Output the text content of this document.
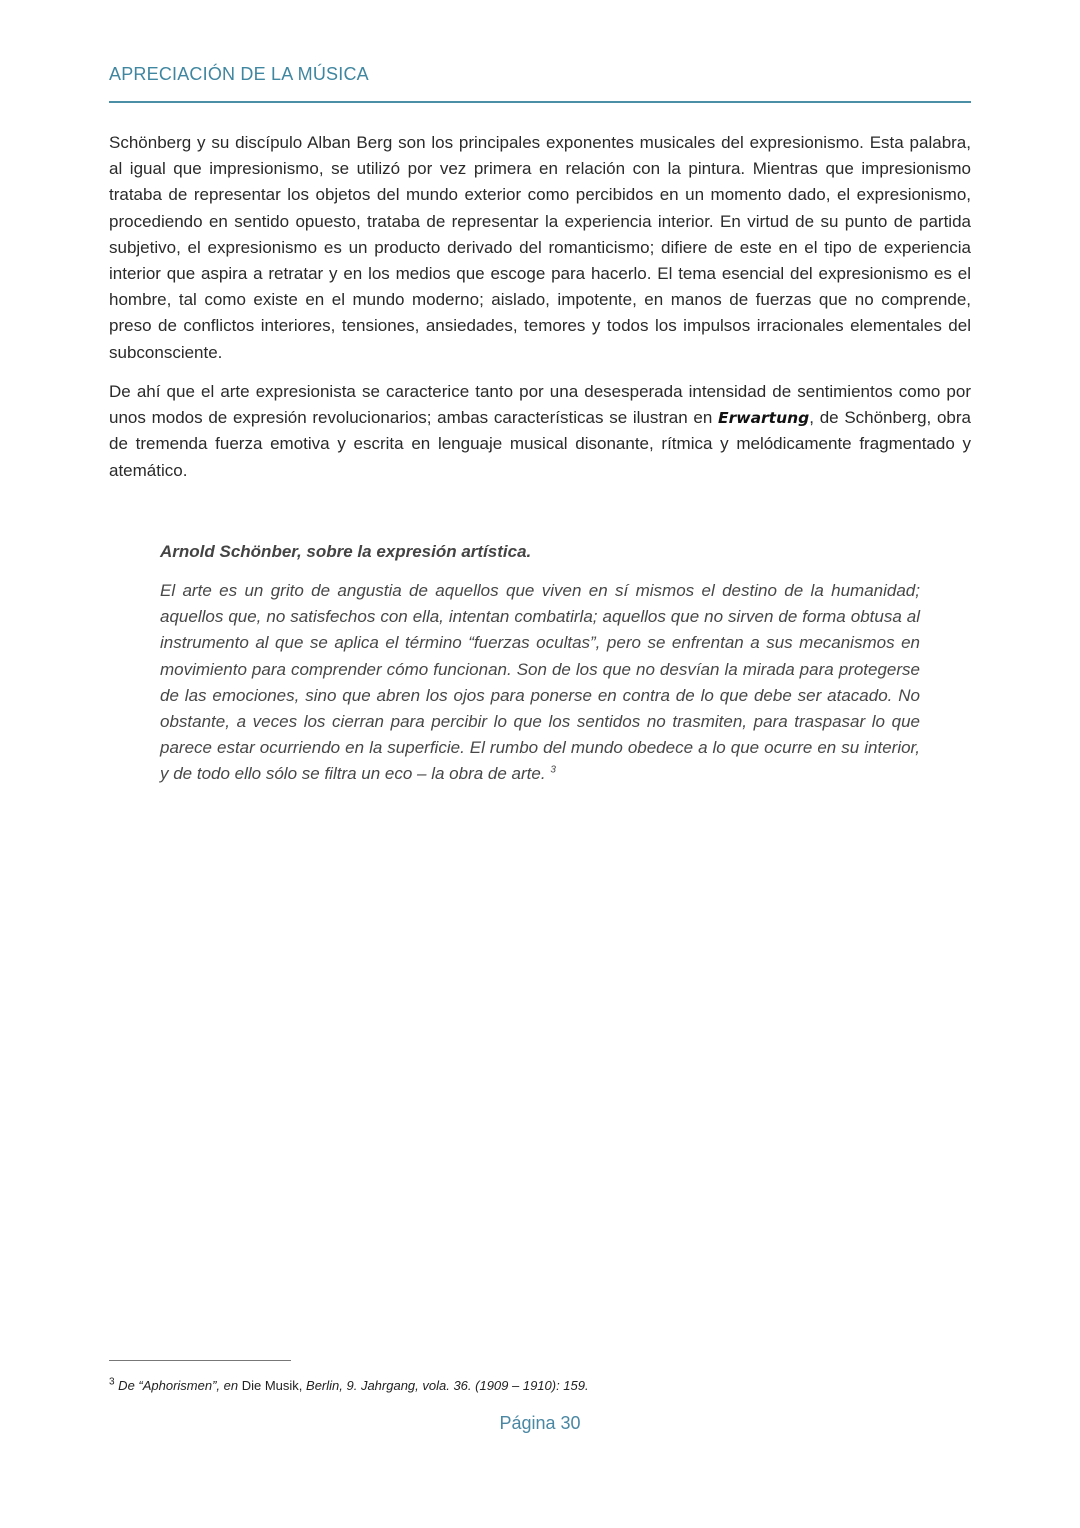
APRECIACIÓN DE LA MÚSICA

Schönberg y su discípulo Alban Berg son los principales exponentes musicales del expresionismo. Esta palabra, al igual que impresionismo, se utilizó por vez primera en relación con la pintura. Mientras que impresionismo trataba de representar los objetos del mundo exterior como percibidos en un momento dado, el expresionismo, procediendo en sentido opuesto, trataba de representar la experiencia interior. En virtud de su punto de partida subjetivo, el expresionismo es un producto derivado del romanticismo; difiere de este en el tipo de experiencia interior que aspira a retratar y en los medios que escoge para hacerlo. El tema esencial del expresionismo es el hombre, tal como existe en el mundo moderno; aislado, impotente, en manos de fuerzas que no comprende, preso de conflictos interiores, tensiones, ansiedades, temores y todos los impulsos irracionales elementales del subconsciente.

De ahí que el arte expresionista se caracterice tanto por una desesperada intensidad de sentimientos como por unos modos de expresión revolucionarios; ambas características se ilustran en Erwartung, de Schönberg, obra de tremenda fuerza emotiva y escrita en lenguaje musical disonante, rítmica y melódicamente fragmentado y atemático.

Arnold Schönber, sobre la expresión artística.

El arte es un grito de angustia de aquellos que viven en sí mismos el destino de la humanidad; aquellos que, no satisfechos con ella, intentan combatirla; aquellos que no sirven de forma obtusa al instrumento al que se aplica el término “fuerzas ocultas”, pero se enfrentan a sus mecanismos en movimiento para comprender cómo funcionan. Son de los que no desvían la mirada para protegerse de las emociones, sino que abren los ojos para ponerse en contra de lo que debe ser atacado. No obstante, a veces los cierran para percibir lo que los sentidos no trasmiten, para traspasar lo que parece estar ocurriendo en la superficie. El rumbo del mundo obedece a lo que ocurre en su interior, y de todo ello sólo se filtra un eco – la obra de arte. $^3$

$^3$ De “Aphorismen”, en Die Musik, Berlin, 9. Jahrgang, vola. 36. (1909 – 1910): 159.
Página 30
